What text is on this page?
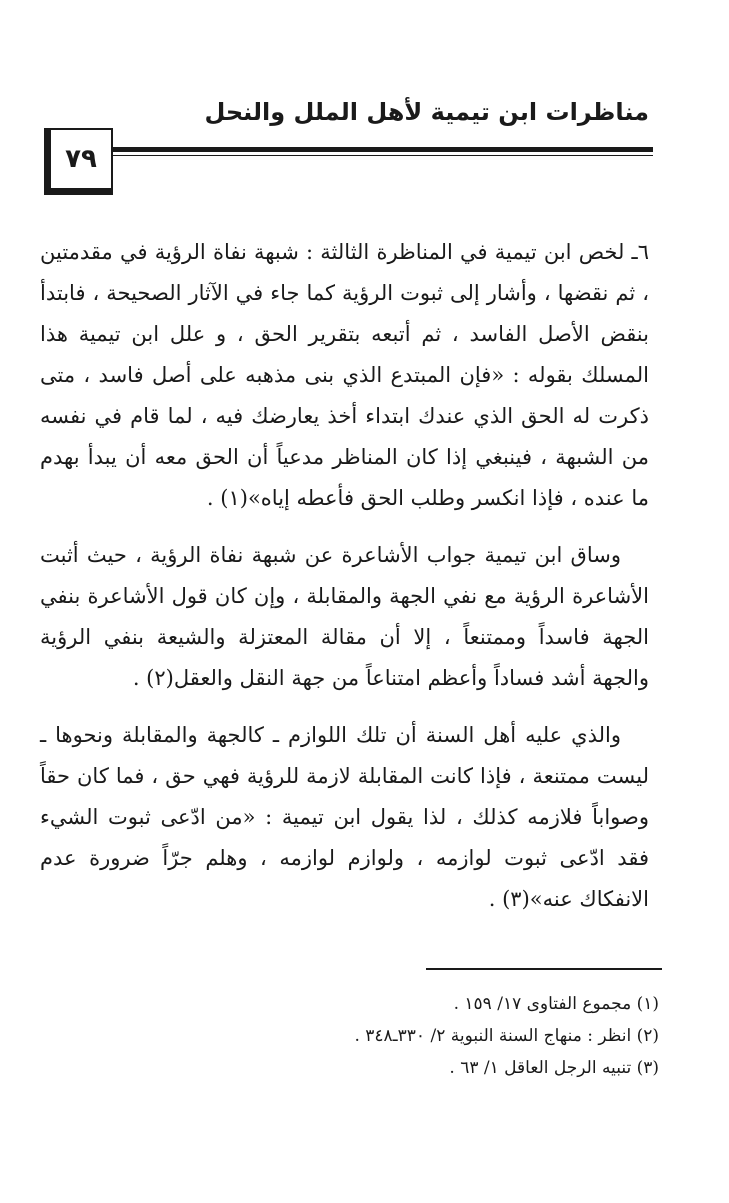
مناظرات ابن تيمية لأهل الملل والنحل
٧٩

٦ـ لخص ابن تيمية في المناظرة الثالثة : شبهة نفاة الرؤية في مقدمتين ، ثم نقضها ، وأشار إلى ثبوت الرؤية كما جاء في الآثار الصحيحة ، فابتدأ بنقض الأصل الفاسد ، ثم أتبعه بتقرير الحق ، و علل ابن تيمية هذا المسلك بقوله : «فإن المبتدع الذي بنى مذهبه على أصل فاسد ، متى ذكرت له الحق الذي عندك ابتداء أخذ يعارضك فيه ، لما قام في نفسه من الشبهة ، فينبغي إذا كان المناظر مدعياً أن الحق معه أن يبدأ بهدم ما عنده ، فإذا انكسر وطلب الحق فأعطه إياه»(١) .

وساق ابن تيمية جواب الأشاعرة عن شبهة نفاة الرؤية ، حيث أثبت الأشاعرة الرؤية مع نفي الجهة والمقابلة ، وإن كان قول الأشاعرة بنفي الجهة فاسداً وممتنعاً ، إلا أن مقالة المعتزلة والشيعة بنفي الرؤية والجهة أشد فساداً وأعظم امتناعاً من جهة النقل والعقل(٢) .

والذي عليه أهل السنة أن تلك اللوازم ـ كالجهة والمقابلة ونحوها ـ ليست ممتنعة ، فإذا كانت المقابلة لازمة للرؤية فهي حق ، فما كان حقاً وصواباً فلازمه كذلك ، لذا يقول ابن تيمية : «من ادّعى ثبوت الشيء فقد ادّعى ثبوت لوازمه ، ولوازم لوازمه ، وهلم جرّاً ضرورة عدم الانفكاك عنه»(٣) .

(١) مجموع الفتاوى ١٧/ ١٥٩ .

(٢) انظر : منهاج السنة النبوية ٢/ ٣٣٠ـ٣٤٨ .

(٣) تنبيه الرجل العاقل ١/ ٦٣ .
